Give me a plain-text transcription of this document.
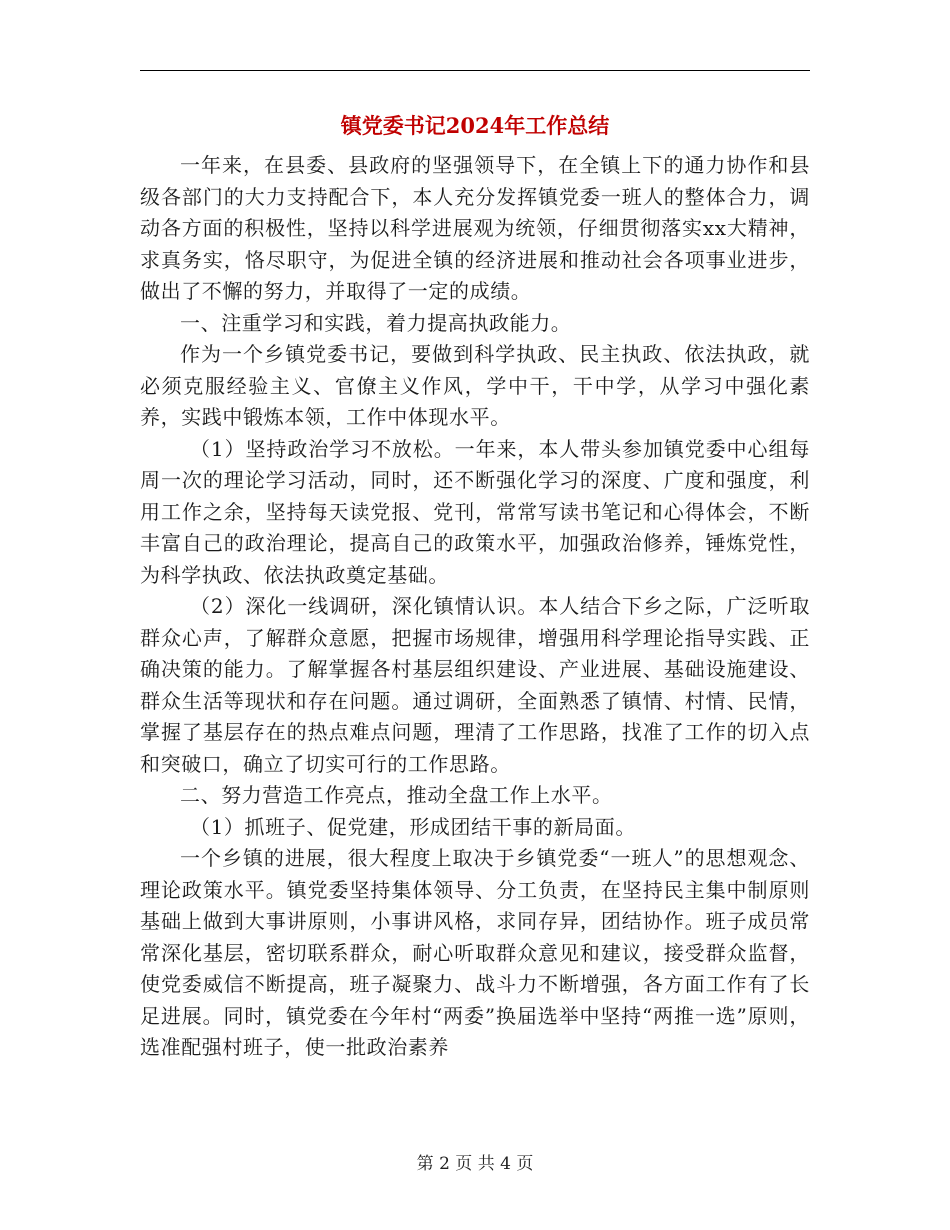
镇党委书记2024年工作总结

一年来，在县委、县政府的坚强领导下，在全镇上下的通力协作和县级各部门的大力支持配合下，本人充分发挥镇党委一班人的整体合力，调动各方面的积极性，坚持以科学进展观为统领，仔细贯彻落实xx大精神，求真务实，恪尽职守，为促进全镇的经济进展和推动社会各项事业进步，做出了不懈的努力，并取得了一定的成绩。

一、注重学习和实践，着力提高执政能力。

作为一个乡镇党委书记，要做到科学执政、民主执政、依法执政，就必须克服经验主义、官僚主义作风，学中干，干中学，从学习中强化素养，实践中锻炼本领，工作中体现水平。

（1）坚持政治学习不放松。一年来，本人带头参加镇党委中心组每周一次的理论学习活动，同时，还不断强化学习的深度、广度和强度，利用工作之余，坚持每天读党报、党刊，常常写读书笔记和心得体会，不断丰富自己的政治理论，提高自己的政策水平，加强政治修养，锤炼党性，为科学执政、依法执政奠定基础。

（2）深化一线调研，深化镇情认识。本人结合下乡之际，广泛听取群众心声，了解群众意愿，把握市场规律，增强用科学理论指导实践、正确决策的能力。了解掌握各村基层组织建设、产业进展、基础设施建设、群众生活等现状和存在问题。通过调研，全面熟悉了镇情、村情、民情，掌握了基层存在的热点难点问题，理清了工作思路，找准了工作的切入点和突破口，确立了切实可行的工作思路。

二、努力营造工作亮点，推动全盘工作上水平。

（1）抓班子、促党建，形成团结干事的新局面。

一个乡镇的进展，很大程度上取决于乡镇党委“一班人”的思想观念、理论政策水平。镇党委坚持集体领导、分工负责，在坚持民主集中制原则基础上做到大事讲原则，小事讲风格，求同存异，团结协作。班子成员常常深化基层，密切联系群众，耐心听取群众意见和建议，接受群众监督，使党委威信不断提高，班子凝聚力、战斗力不断增强，各方面工作有了长足进展。同时，镇党委在今年村“两委”换届选举中坚持“两推一选”原则，选准配强村班子，使一批政治素养

第 2 页 共 4 页
